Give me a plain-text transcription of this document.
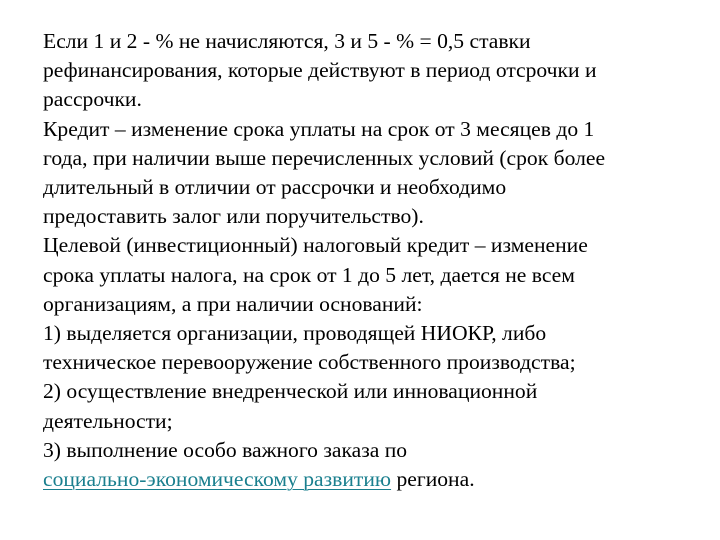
Если 1 и 2 - % не начисляются, 3 и 5 - % = 0,5 ставки
рефинансирования, которые действуют в период отсрочки и
рассрочки.

Кредит – изменение срока уплаты на срок от 3 месяцев до 1
года, при наличии выше перечисленных условий (срок более
длительный в отличии от рассрочки и необходимо
предоставить залог или поручительство).

Целевой (инвестиционный) налоговый кредит – изменение
срока уплаты налога, на срок от 1 до 5 лет, дается не всем
организациям, а при наличии оснований:
1) выделяется организации, проводящей НИОКР, либо
техническое перевооружение собственного производства;
2) осуществление внедренческой или инновационной
деятельности;
3) выполнение особо важного заказа по
социально-экономическому развитию региона.
